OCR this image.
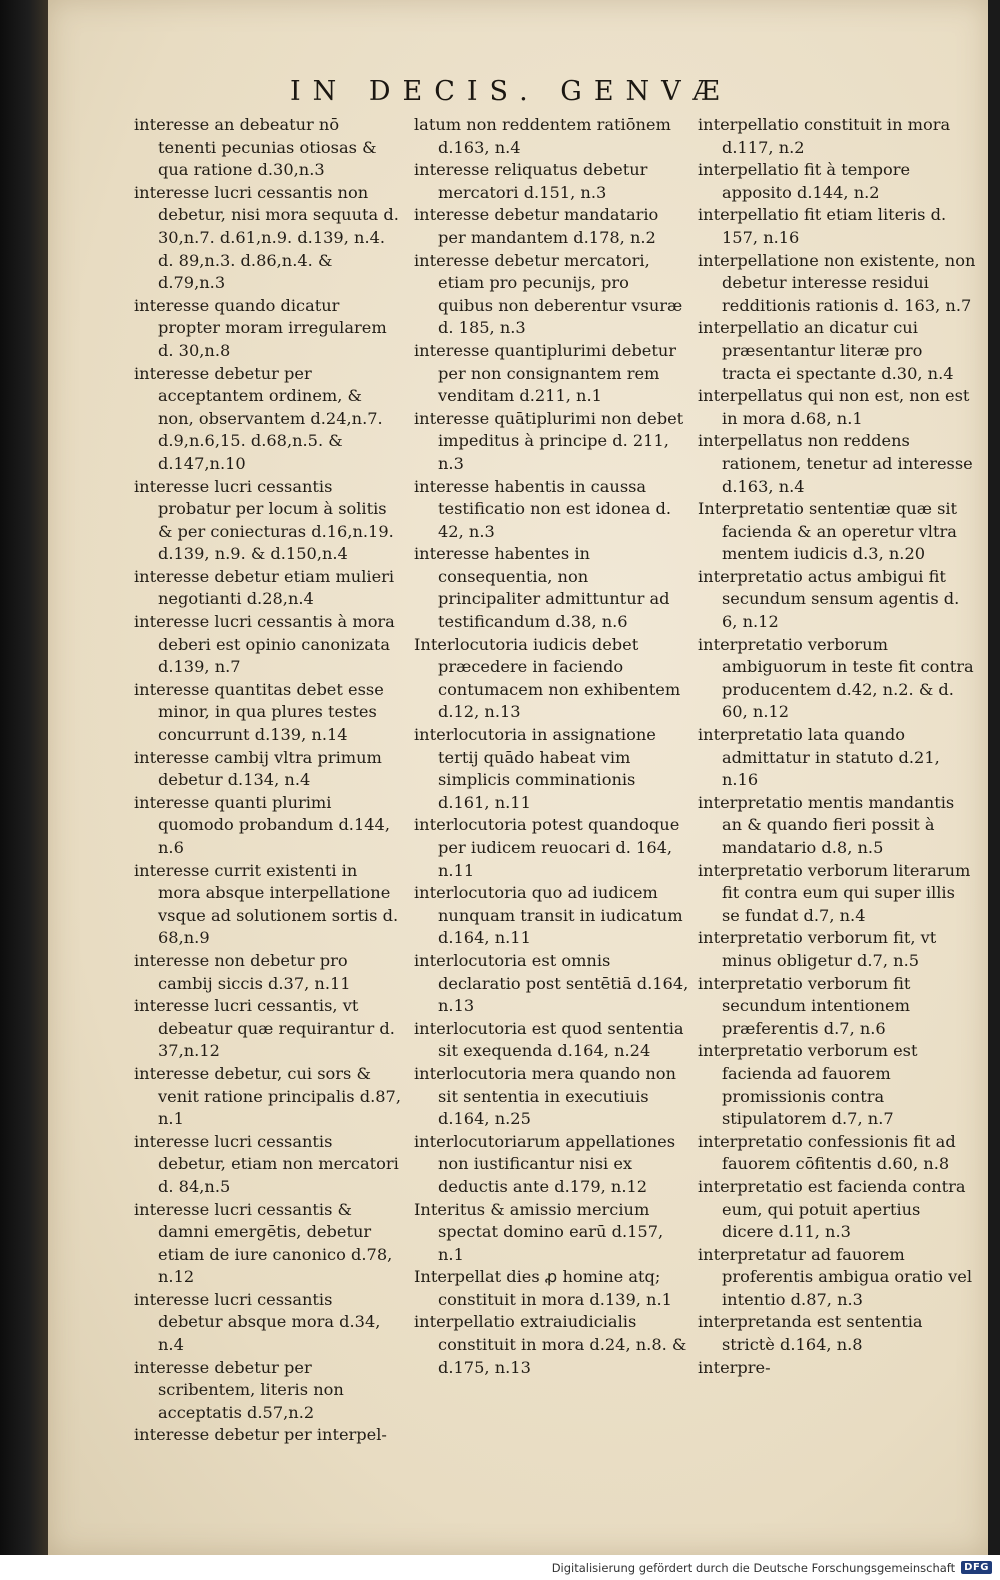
IN DECIS. GENVÆ

interesse an debeatur nō tenenti pecunias otiosas & qua ratione d.30,n.3

interesse lucri cessantis non debetur, nisi mora sequuta d. 30,n.7. d.61,n.9. d.139, n.4. d. 89,n.3. d.86,n.4. & d.79,n.3

interesse quando dicatur propter moram irregularem d. 30,n.8

interesse debetur per acceptantem ordinem, & non, observantem d.24,n.7. d.9,n.6,15. d.68,n.5. & d.147,n.10

interesse lucri cessantis probatur per locum à solitis & per coniecturas d.16,n.19. d.139, n.9. & d.150,n.4

interesse debetur etiam mulieri negotianti d.28,n.4

interesse lucri cessantis à mora deberi est opinio canonizata d.139, n.7

interesse quantitas debet esse minor, in qua plures testes concurrunt d.139, n.14

interesse cambij vltra primum debetur d.134, n.4

interesse quanti plurimi quomodo probandum d.144, n.6

interesse currit existenti in mora absque interpellatione vsque ad solutionem sortis d. 68,n.9

interesse non debetur pro cambij siccis d.37, n.11

interesse lucri cessantis, vt debeatur quæ requirantur d. 37,n.12

interesse debetur, cui sors & venit ratione principalis d.87, n.1

interesse lucri cessantis debetur, etiam non mercatori d. 84,n.5

interesse lucri cessantis & damni emergētis, debetur etiam de iure canonico d.78, n.12

interesse lucri cessantis debetur absque mora d.34, n.4

interesse debetur per scribentem, literis non acceptatis d.57,n.2

interesse debetur per interpel-

latum non reddentem ratiōnem d.163, n.4

interesse reliquatus debetur mercatori d.151, n.3

interesse debetur mandatario per mandantem d.178, n.2

interesse debetur mercatori, etiam pro pecunijs, pro quibus non deberentur vsuræ d. 185, n.3

interesse quantiplurimi debetur per non consignantem rem venditam d.211, n.1

interesse quātiplurimi non debet impeditus à principe d. 211, n.3

interesse habentis in caussa testificatio non est idonea d. 42, n.3

interesse habentes in consequentia, non principaliter admittuntur ad testificandum d.38, n.6

Interlocutoria iudicis debet præcedere in faciendo contumacem non exhibentem d.12, n.13

interlocutoria in assignatione tertij quādo habeat vim simplicis comminationis d.161, n.11

interlocutoria potest quandoque per iudicem reuocari d. 164, n.11

interlocutoria quo ad iudicem nunquam transit in iudicatum d.164, n.11

interlocutoria est omnis declaratio post sentētiā d.164, n.13

interlocutoria est quod sententia sit exequenda d.164, n.24

interlocutoria mera quando non sit sententia in executiuis d.164, n.25

interlocutoriarum appellationes non iustificantur nisi ex deductis ante d.179, n.12

Interitus & amissio mercium spectat domino earū d.157, n.1

Interpellat dies ꝓ homine atq; constituit in mora d.139, n.1

interpellatio extraiudicialis constituit in mora d.24, n.8. & d.175, n.13

interpellatio constituit in mora d.117, n.2

interpellatio fit à tempore apposito d.144, n.2

interpellatio fit etiam literis d. 157, n.16

interpellatione non existente, non debetur interesse residui redditionis rationis d. 163, n.7

interpellatio an dicatur cui præsentantur literæ pro tracta ei spectante d.30, n.4

interpellatus qui non est, non est in mora d.68, n.1

interpellatus non reddens rationem, tenetur ad interesse d.163, n.4

Interpretatio sententiæ quæ sit facienda & an operetur vltra mentem iudicis d.3, n.20

interpretatio actus ambigui fit secundum sensum agentis d. 6, n.12

interpretatio verborum ambiguorum in teste fit contra producentem d.42, n.2. & d. 60, n.12

interpretatio lata quando admittatur in statuto d.21, n.16

interpretatio mentis mandantis an & quando fieri possit à mandatario d.8, n.5

interpretatio verborum literarum fit contra eum qui super illis se fundat d.7, n.4

interpretatio verborum fit, vt minus obligetur d.7, n.5

interpretatio verborum fit secundum intentionem præferentis d.7, n.6

interpretatio verborum est facienda ad fauorem promissionis contra stipulatorem d.7, n.7

interpretatio confessionis fit ad fauorem cōfitentis d.60, n.8

interpretatio est facienda contra eum, qui potuit apertius dicere d.11, n.3

interpretatur ad fauorem proferentis ambigua oratio vel intentio d.87, n.3

interpretanda est sententia strictè d.164, n.8

interpre-

Digitalisierung gefördert durch die Deutsche Forschungsgemeinschaft DFG
